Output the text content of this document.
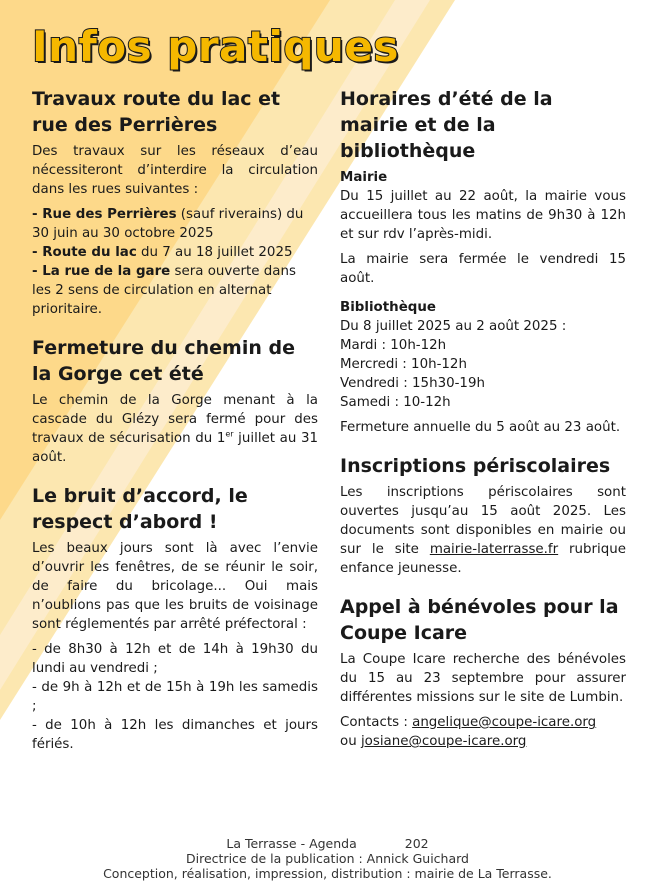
Infos pratiques
Travaux route du lac et rue des Perrières

Des travaux sur les réseaux d’eau nécessiteront d’interdire la circulation dans les rues suivantes :

- Rue des Perrières (sauf riverains) du 30 juin au 30 octobre 2025

- Route du lac du 7 au 18 juillet 2025

- La rue de la gare sera ouverte dans les 2 sens de circulation en alternat prioritaire.

Fermeture du chemin de la Gorge cet été

Le chemin de la Gorge menant à la cascade du Glézy sera fermé pour des travaux de sécurisation du 1er juillet au 31 août.

Le bruit d’accord, le respect d’abord !

Les beaux jours sont là avec l’envie d’ouvrir les fenêtres, de se réunir le soir, de faire du bricolage... Oui mais n’oublions pas que les bruits de voisinage sont réglementés par arrêté préfectoral :

- de 8h30 à 12h et de 14h à 19h30 du lundi au vendredi ;

- de 9h à 12h et de 15h à 19h les samedis ;

- de 10h à 12h les dimanches et jours fériés.

Horaires d’été de la mairie et de la bibliothèque

Mairie

Du 15 juillet au 22 août, la mairie vous accueillera tous les matins de 9h30 à 12h et sur rdv l’après-midi.

La mairie sera fermée le vendredi 15 août.

Bibliothèque

Du 8 juillet 2025 au 2 août 2025 :

Mardi : 10h-12h

Mercredi : 10h-12h

Vendredi : 15h30-19h

Samedi : 10-12h

Fermeture annuelle du 5 août au 23 août.

Inscriptions périscolaires

Les inscriptions périscolaires sont ouvertes jusqu’au 15 août 2025. Les documents sont disponibles en mairie ou sur le site mairie-laterrasse.fr rubrique enfance jeunesse.

Appel à bénévoles pour la Coupe Icare

La Coupe Icare recherche des bénévoles du 15 au 23 septembre pour assurer différentes missions sur le site de Lumbin.

Contacts : angelique@coupe-icare.org

ou josiane@coupe-icare.org

La Terrasse - Agenda	202
Directrice de la publication : Annick Guichard
Conception, réalisation, impression, distribution : mairie de La Terrasse.
